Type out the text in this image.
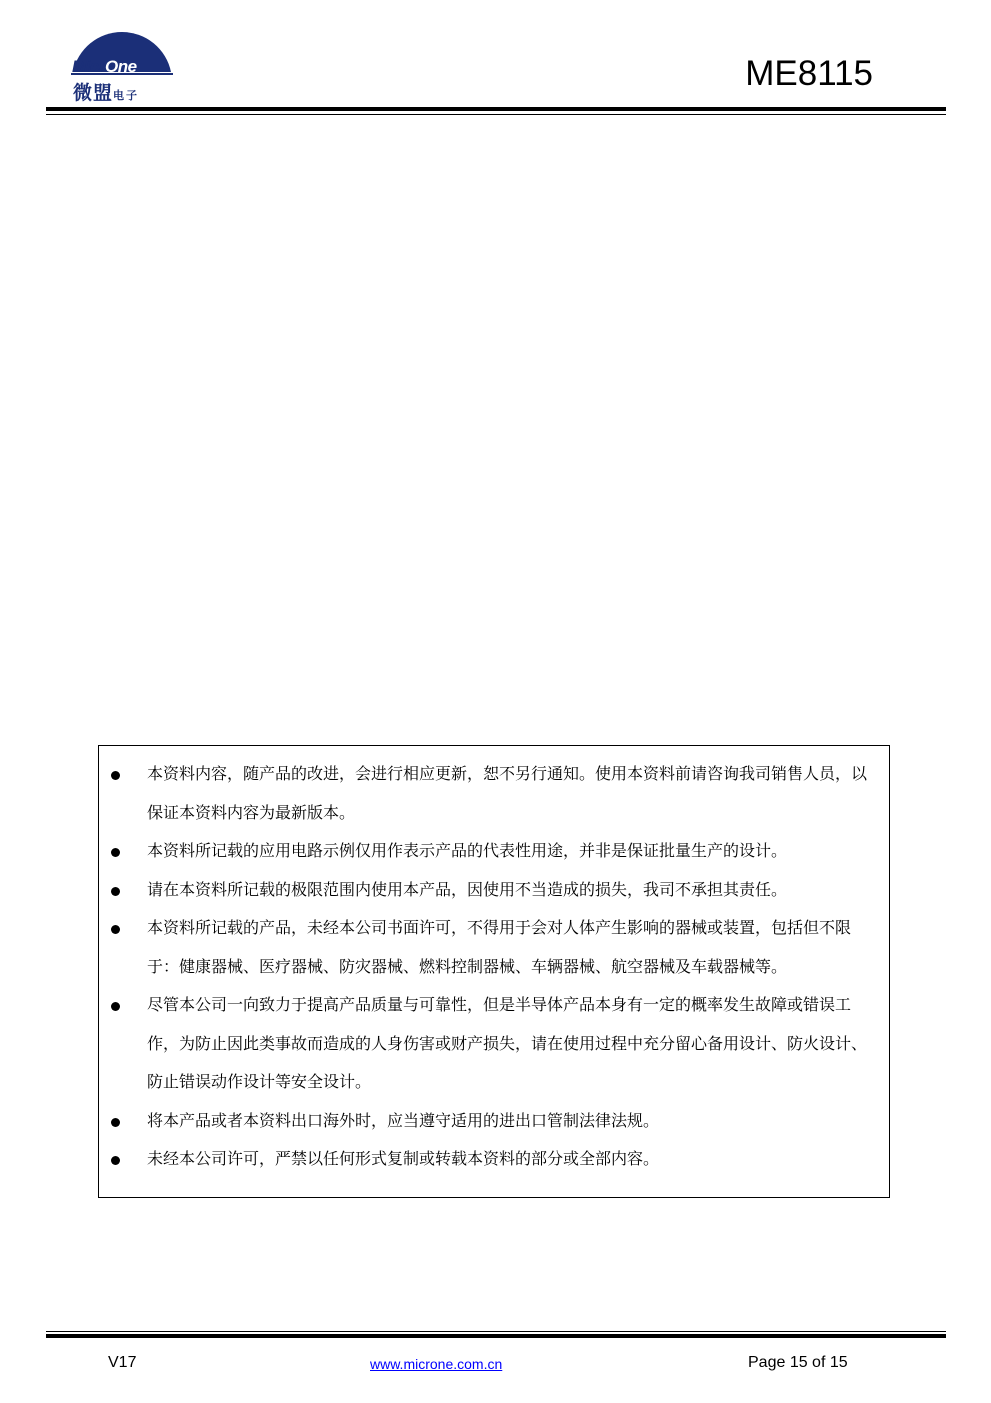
MicrOne
微盟电子
ME8115
本资料内容，随产品的改进，会进行相应更新，恕不另行通知。使用本资料前请咨询我司销售人员，以保证本资料内容为最新版本。
本资料所记载的应用电路示例仅用作表示产品的代表性用途，并非是保证批量生产的设计。
请在本资料所记载的极限范围内使用本产品，因使用不当造成的损失，我司不承担其责任。
本资料所记载的产品，未经本公司书面许可，不得用于会对人体产生影响的器械或装置，包括但不限于：健康器械、医疗器械、防灾器械、燃料控制器械、车辆器械、航空器械及车载器械等。
尽管本公司一向致力于提高产品质量与可靠性，但是半导体产品本身有一定的概率发生故障或错误工作，为防止因此类事故而造成的人身伤害或财产损失，请在使用过程中充分留心备用设计、防火设计、防止错误动作设计等安全设计。
将本产品或者本资料出口海外时，应当遵守适用的进出口管制法律法规。
未经本公司许可，严禁以任何形式复制或转载本资料的部分或全部内容。
V17	www.microne.com.cn	Page 15 of 15
